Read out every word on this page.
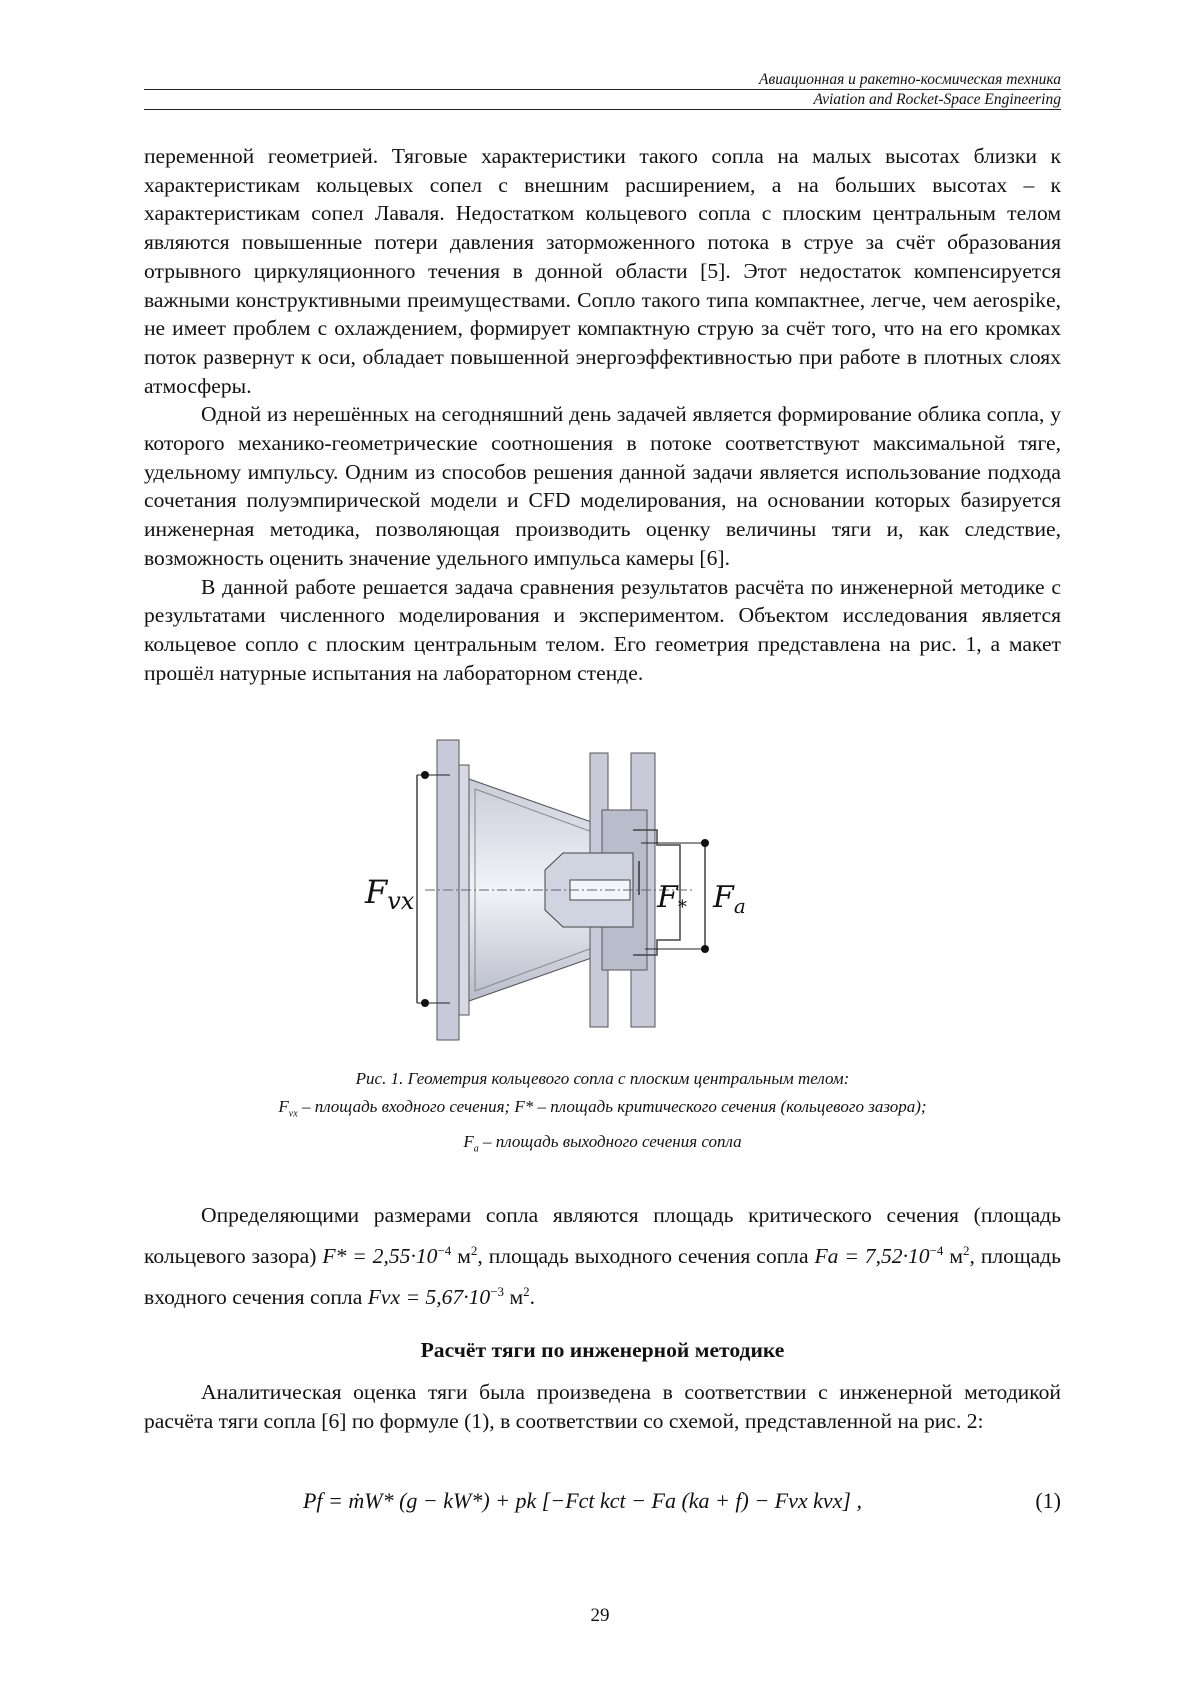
Авиационная и ракетно-космическая техника
Aviation and Rocket-Space Engineering

переменной геометрией. Тяговые характеристики такого сопла на малых высотах близки к характеристикам кольцевых сопел с внешним расширением, а на больших высотах – к характеристикам сопел Лаваля. Недостатком кольцевого сопла с плоским центральным телом являются повышенные потери давления заторможенного потока в струе за счёт образования отрывного циркуляционного течения в донной области [5]. Этот недостаток компенсируется важными конструктивными преимуществами. Сопло такого типа компактнее, легче, чем aerospike, не имеет проблем с охлаждением, формирует компактную струю за счёт того, что на его кромках поток развернут к оси, обладает повышенной энергоэффективностью при работе в плотных слоях атмосферы.

Одной из нерешённых на сегодняшний день задачей является формирование облика сопла, у которого механико-геометрические соотношения в потоке соответствуют максимальной тяге, удельному импульсу. Одним из способов решения данной задачи является использование подхода сочетания полуэмпирической модели и CFD моделирования, на основании которых базируется инженерная методика, позволяющая производить оценку величины тяги и, как следствие, возможность оценить значение удельного импульса камеры [6].

В данной работе решается задача сравнения результатов расчёта по инженерной методике с результатами численного моделирования и экспериментом. Объектом исследования является кольцевое сопло с плоским центральным телом. Его геометрия представлена на рис. 1, а макет прошёл натурные испытания на лабораторном стенде.

Fvx	$F_*$ $F_a$
Рис. 1. Геометрия кольцевого сопла с плоским центральным телом:
$F_{vx}$ – площадь входного сечения; F* – площадь критического сечения (кольцевого зазора);
$F_a$ – площадь выходного сечения сопла

Определяющими размерами сопла являются площадь критического сечения (площадь кольцевого зазора) $F* = 2,55\cdot 10^{-4}$ $м^2$, площадь выходного сечения сопла $Fa = 7,52\cdot 10^{-4}$ $м^2$, площадь входного сечения сопла Fvx = $5,67\cdot 10^{-3}$ $м^2$.

Расчёт тяги по инженерной методике

Аналитическая оценка тяги была произведена в соответствии с инженерной методикой расчёта тяги сопла [6] по формуле (1), в соответствии со схемой, представленной на рис. 2:

Pf = ṁW* (g − kW*) + pk [−Fct kct − Fa (ka + f) − Fvx kvx] ,	(1)
29
